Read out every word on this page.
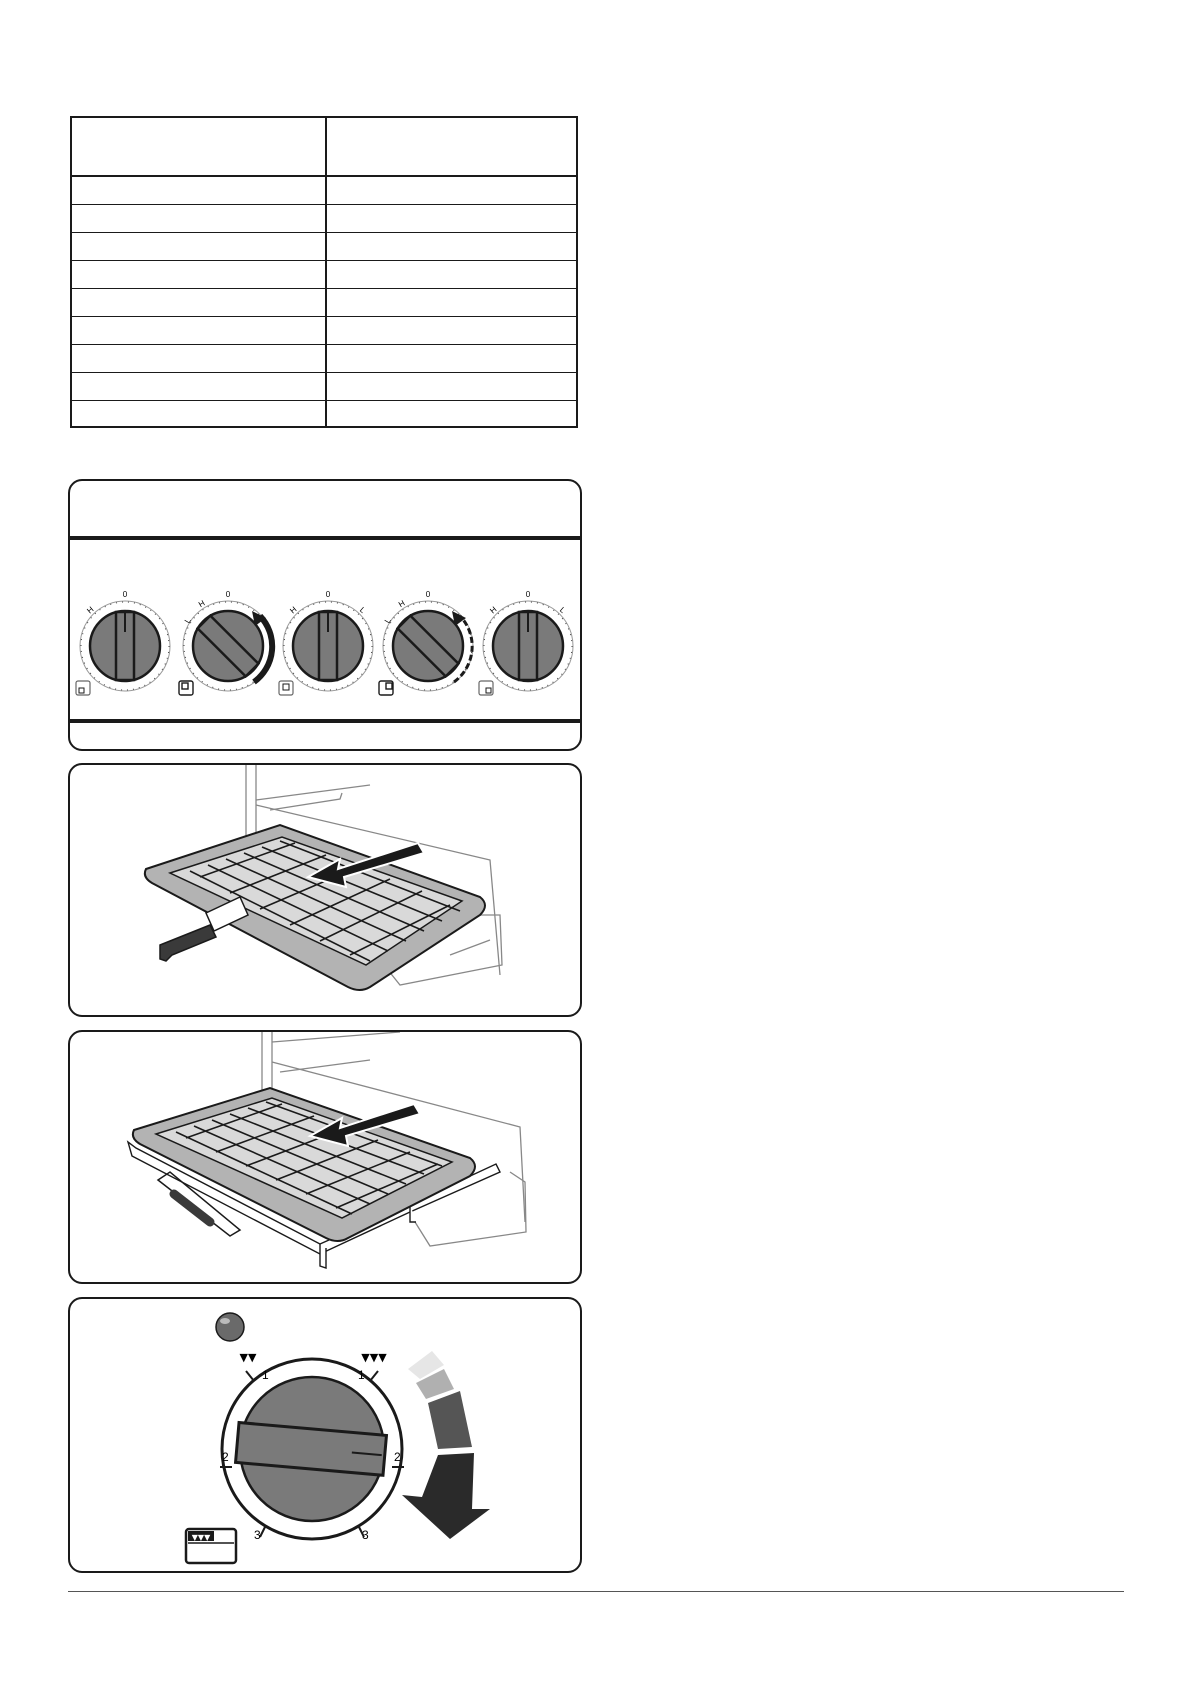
0
H
0
H
L
0
H	L
0
H
L
0
H	L
▼▼	▼▼▼
1	1
2	2
3	3
▼▼▼
